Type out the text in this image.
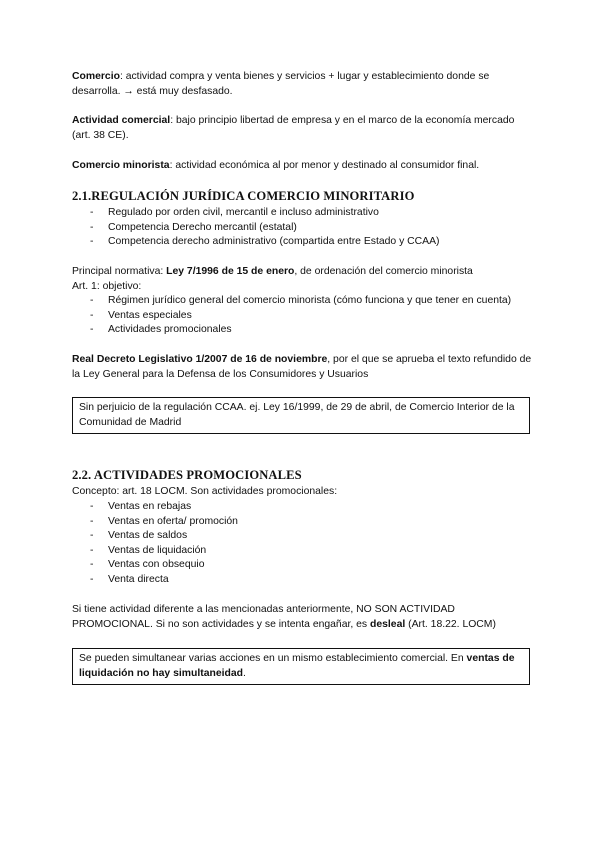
Comercio: actividad compra y venta bienes y servicios + lugar y establecimiento donde se desarrolla. → está muy desfasado.
Actividad comercial: bajo principio libertad de empresa y en el marco de la economía mercado (art. 38 CE).
Comercio minorista: actividad económica al por menor y destinado al consumidor final.
2.1.REGULACIÓN JURÍDICA COMERCIO MINORITARIO
- Regulado por orden civil, mercantil e incluso administrativo
- Competencia Derecho mercantil (estatal)
- Competencia derecho administrativo (compartida entre Estado y CCAA)
Principal normativa: Ley 7/1996 de 15 de enero, de ordenación del comercio minorista
Art. 1: objetivo:
- Régimen jurídico general del comercio minorista (cómo funciona y que tener en cuenta)
- Ventas especiales
- Actividades promocionales
Real Decreto Legislativo 1/2007 de 16 de noviembre, por el que se aprueba el texto refundido de la Ley General para la Defensa de los Consumidores y Usuarios
Sin perjuicio de la regulación CCAA. ej. Ley 16/1999, de 29 de abril, de Comercio Interior de la Comunidad de Madrid
2.2. ACTIVIDADES PROMOCIONALES
Concepto: art. 18 LOCM. Son actividades promocionales:
- Ventas en rebajas
- Ventas en oferta/ promoción
- Ventas de saldos
- Ventas de liquidación
- Ventas con obsequio
- Venta directa
Si tiene actividad diferente a las mencionadas anteriormente, NO SON ACTIVIDAD PROMOCIONAL. Si no son actividades y se intenta engañar, es desleal (Art. 18.22. LOCM)
Se pueden simultanear varias acciones en un mismo establecimiento comercial. En ventas de liquidación no hay simultaneidad.
